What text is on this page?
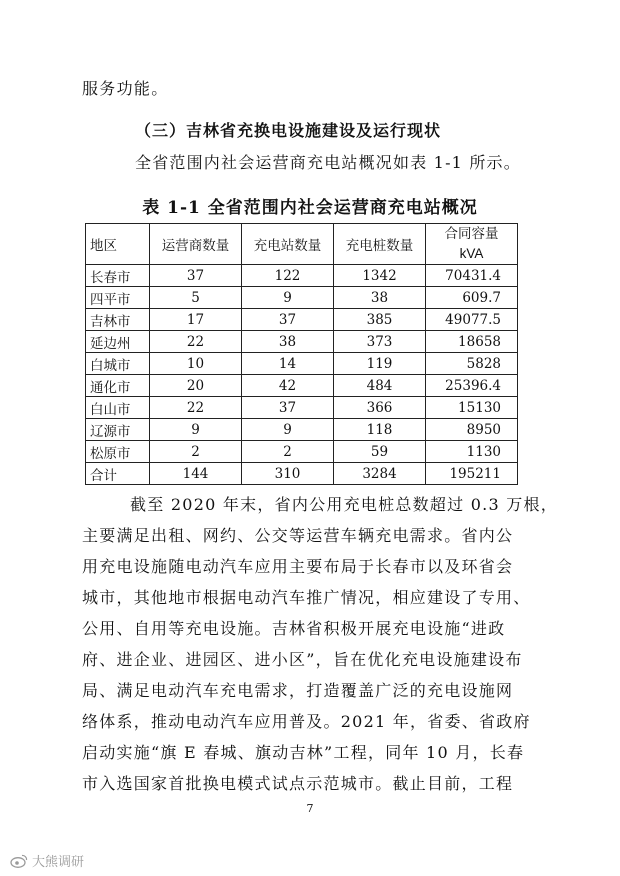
服务功能。
（三）吉林省充换电设施建设及运行现状
全省范围内社会运营商充电站概况如表 1-1 所示。
表 1-1 全省范围内社会运营商充电站概况
地区	运营商数量	充电站数量	充电桩数量	合同容量
kVA

长春市	37	122	1342	70431.4
四平市	5	9	38	609.7
吉林市	17	37	385	49077.5
延边州	22	38	373	18658
白城市	10	14	119	5828
通化市	20	42	484	25396.4
白山市	22	37	366	15130
辽源市	9	9	118	8950
松原市	2	2	59	1130
合计	144	310	3284	195211
截至 2020 年末，省内公用充电桩总数超过 0.3 万根，
主要满足出租、网约、公交等运营车辆充电需求。省内公
用充电设施随电动汽车应用主要布局于长春市以及环省会
城市，其他地市根据电动汽车推广情况，相应建设了专用、
公用、自用等充电设施。吉林省积极开展充电设施“进政
府、进企业、进园区、进小区”，旨在优化充电设施建设布
局、满足电动汽车充电需求，打造覆盖广泛的充电设施网
络体系，推动电动汽车应用普及。2021 年，省委、省政府
启动实施“旗 E 春城、旗动吉林”工程，同年 10 月，长春
市入选国家首批换电模式试点示范城市。截止目前，工程
7
大熊调研
